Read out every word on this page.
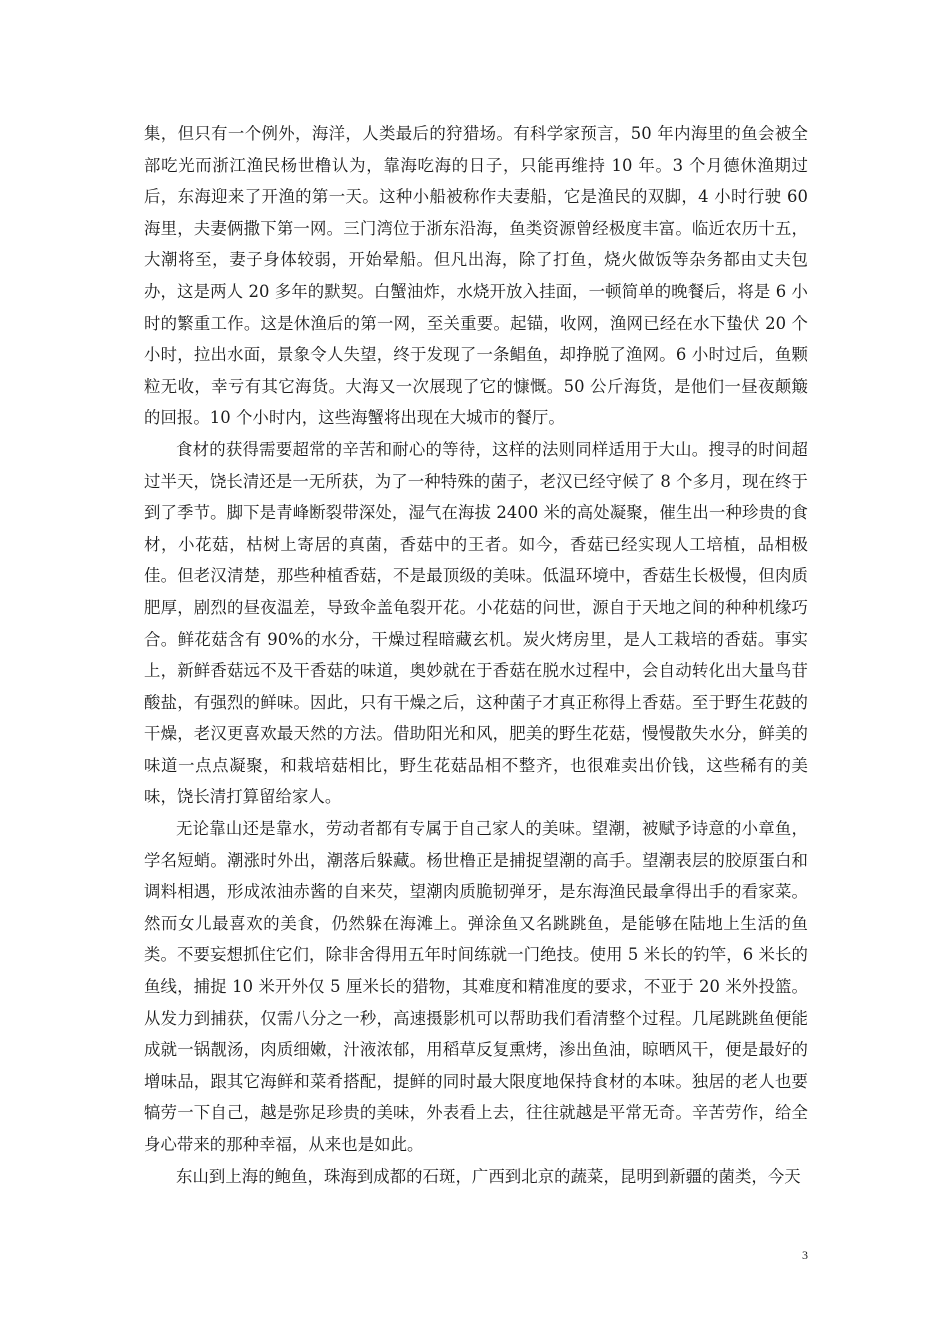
集，但只有一个例外，海洋，人类最后的狩猎场。有科学家预言，50 年内海里的鱼会被全部吃光而浙江渔民杨世橹认为，靠海吃海的日子，只能再维持 10 年。3 个月德休渔期过后，东海迎来了开渔的第一天。这种小船被称作夫妻船，它是渔民的双脚，4 小时行驶 60 海里，夫妻俩撒下第一网。三门湾位于浙东沿海，鱼类资源曾经极度丰富。临近农历十五，大潮将至，妻子身体较弱，开始晕船。但凡出海，除了打鱼，烧火做饭等杂务都由丈夫包办，这是两人 20 多年的默契。白蟹油炸，水烧开放入挂面，一顿简单的晚餐后，将是 6 小时的繁重工作。这是休渔后的第一网，至关重要。起锚，收网，渔网已经在水下蛰伏 20 个小时，拉出水面，景象令人失望，终于发现了一条鲳鱼，却挣脱了渔网。6 小时过后，鱼颗粒无收，幸亏有其它海货。大海又一次展现了它的慷慨。50 公斤海货，是他们一昼夜颠簸的回报。10 个小时内，这些海蟹将出现在大城市的餐厅。

食材的获得需要超常的辛苦和耐心的等待，这样的法则同样适用于大山。搜寻的时间超过半天，饶长清还是一无所获，为了一种特殊的菌子，老汉已经守候了 8 个多月，现在终于到了季节。脚下是青峰断裂带深处，湿气在海拔 2400 米的高处凝聚，催生出一种珍贵的食材，小花菇，枯树上寄居的真菌，香菇中的王者。如今，香菇已经实现人工培植，品相极佳。但老汉清楚，那些种植香菇，不是最顶级的美味。低温环境中，香菇生长极慢，但肉质肥厚，剧烈的昼夜温差，导致伞盖龟裂开花。小花菇的问世，源自于天地之间的种种机缘巧合。鲜花菇含有 90%的水分，干燥过程暗藏玄机。炭火烤房里，是人工栽培的香菇。事实上，新鲜香菇远不及干香菇的味道，奥妙就在于香菇在脱水过程中，会自动转化出大量鸟苷酸盐，有强烈的鲜味。因此，只有干燥之后，这种菌子才真正称得上香菇。至于野生花鼓的干燥，老汉更喜欢最天然的方法。借助阳光和风，肥美的野生花菇，慢慢散失水分，鲜美的味道一点点凝聚，和栽培菇相比，野生花菇品相不整齐，也很难卖出价钱，这些稀有的美味，饶长清打算留给家人。

无论靠山还是靠水，劳动者都有专属于自己家人的美味。望潮，被赋予诗意的小章鱼，学名短蛸。潮涨时外出，潮落后躲藏。杨世橹正是捕捉望潮的高手。望潮表层的胶原蛋白和调料相遇，形成浓油赤酱的自来芡，望潮肉质脆韧弹牙，是东海渔民最拿得出手的看家菜。然而女儿最喜欢的美食，仍然躲在海滩上。弹涂鱼又名跳跳鱼，是能够在陆地上生活的鱼类。不要妄想抓住它们，除非舍得用五年时间练就一门绝技。使用 5 米长的钓竿，6 米长的鱼线，捕捉 10 米开外仅 5 厘米长的猎物，其难度和精准度的要求，不亚于 20 米外投篮。从发力到捕获，仅需八分之一秒，高速摄影机可以帮助我们看清整个过程。几尾跳跳鱼便能成就一锅靓汤，肉质细嫩，汁液浓郁，用稻草反复熏烤，渗出鱼油，晾晒风干，便是最好的增味品，跟其它海鲜和菜肴搭配，提鲜的同时最大限度地保持食材的本味。独居的老人也要犒劳一下自己，越是弥足珍贵的美味，外表看上去，往往就越是平常无奇。辛苦劳作，给全身心带来的那种幸福，从来也是如此。

东山到上海的鲍鱼，珠海到成都的石斑，广西到北京的蔬菜，昆明到新疆的菌类，今天

3
